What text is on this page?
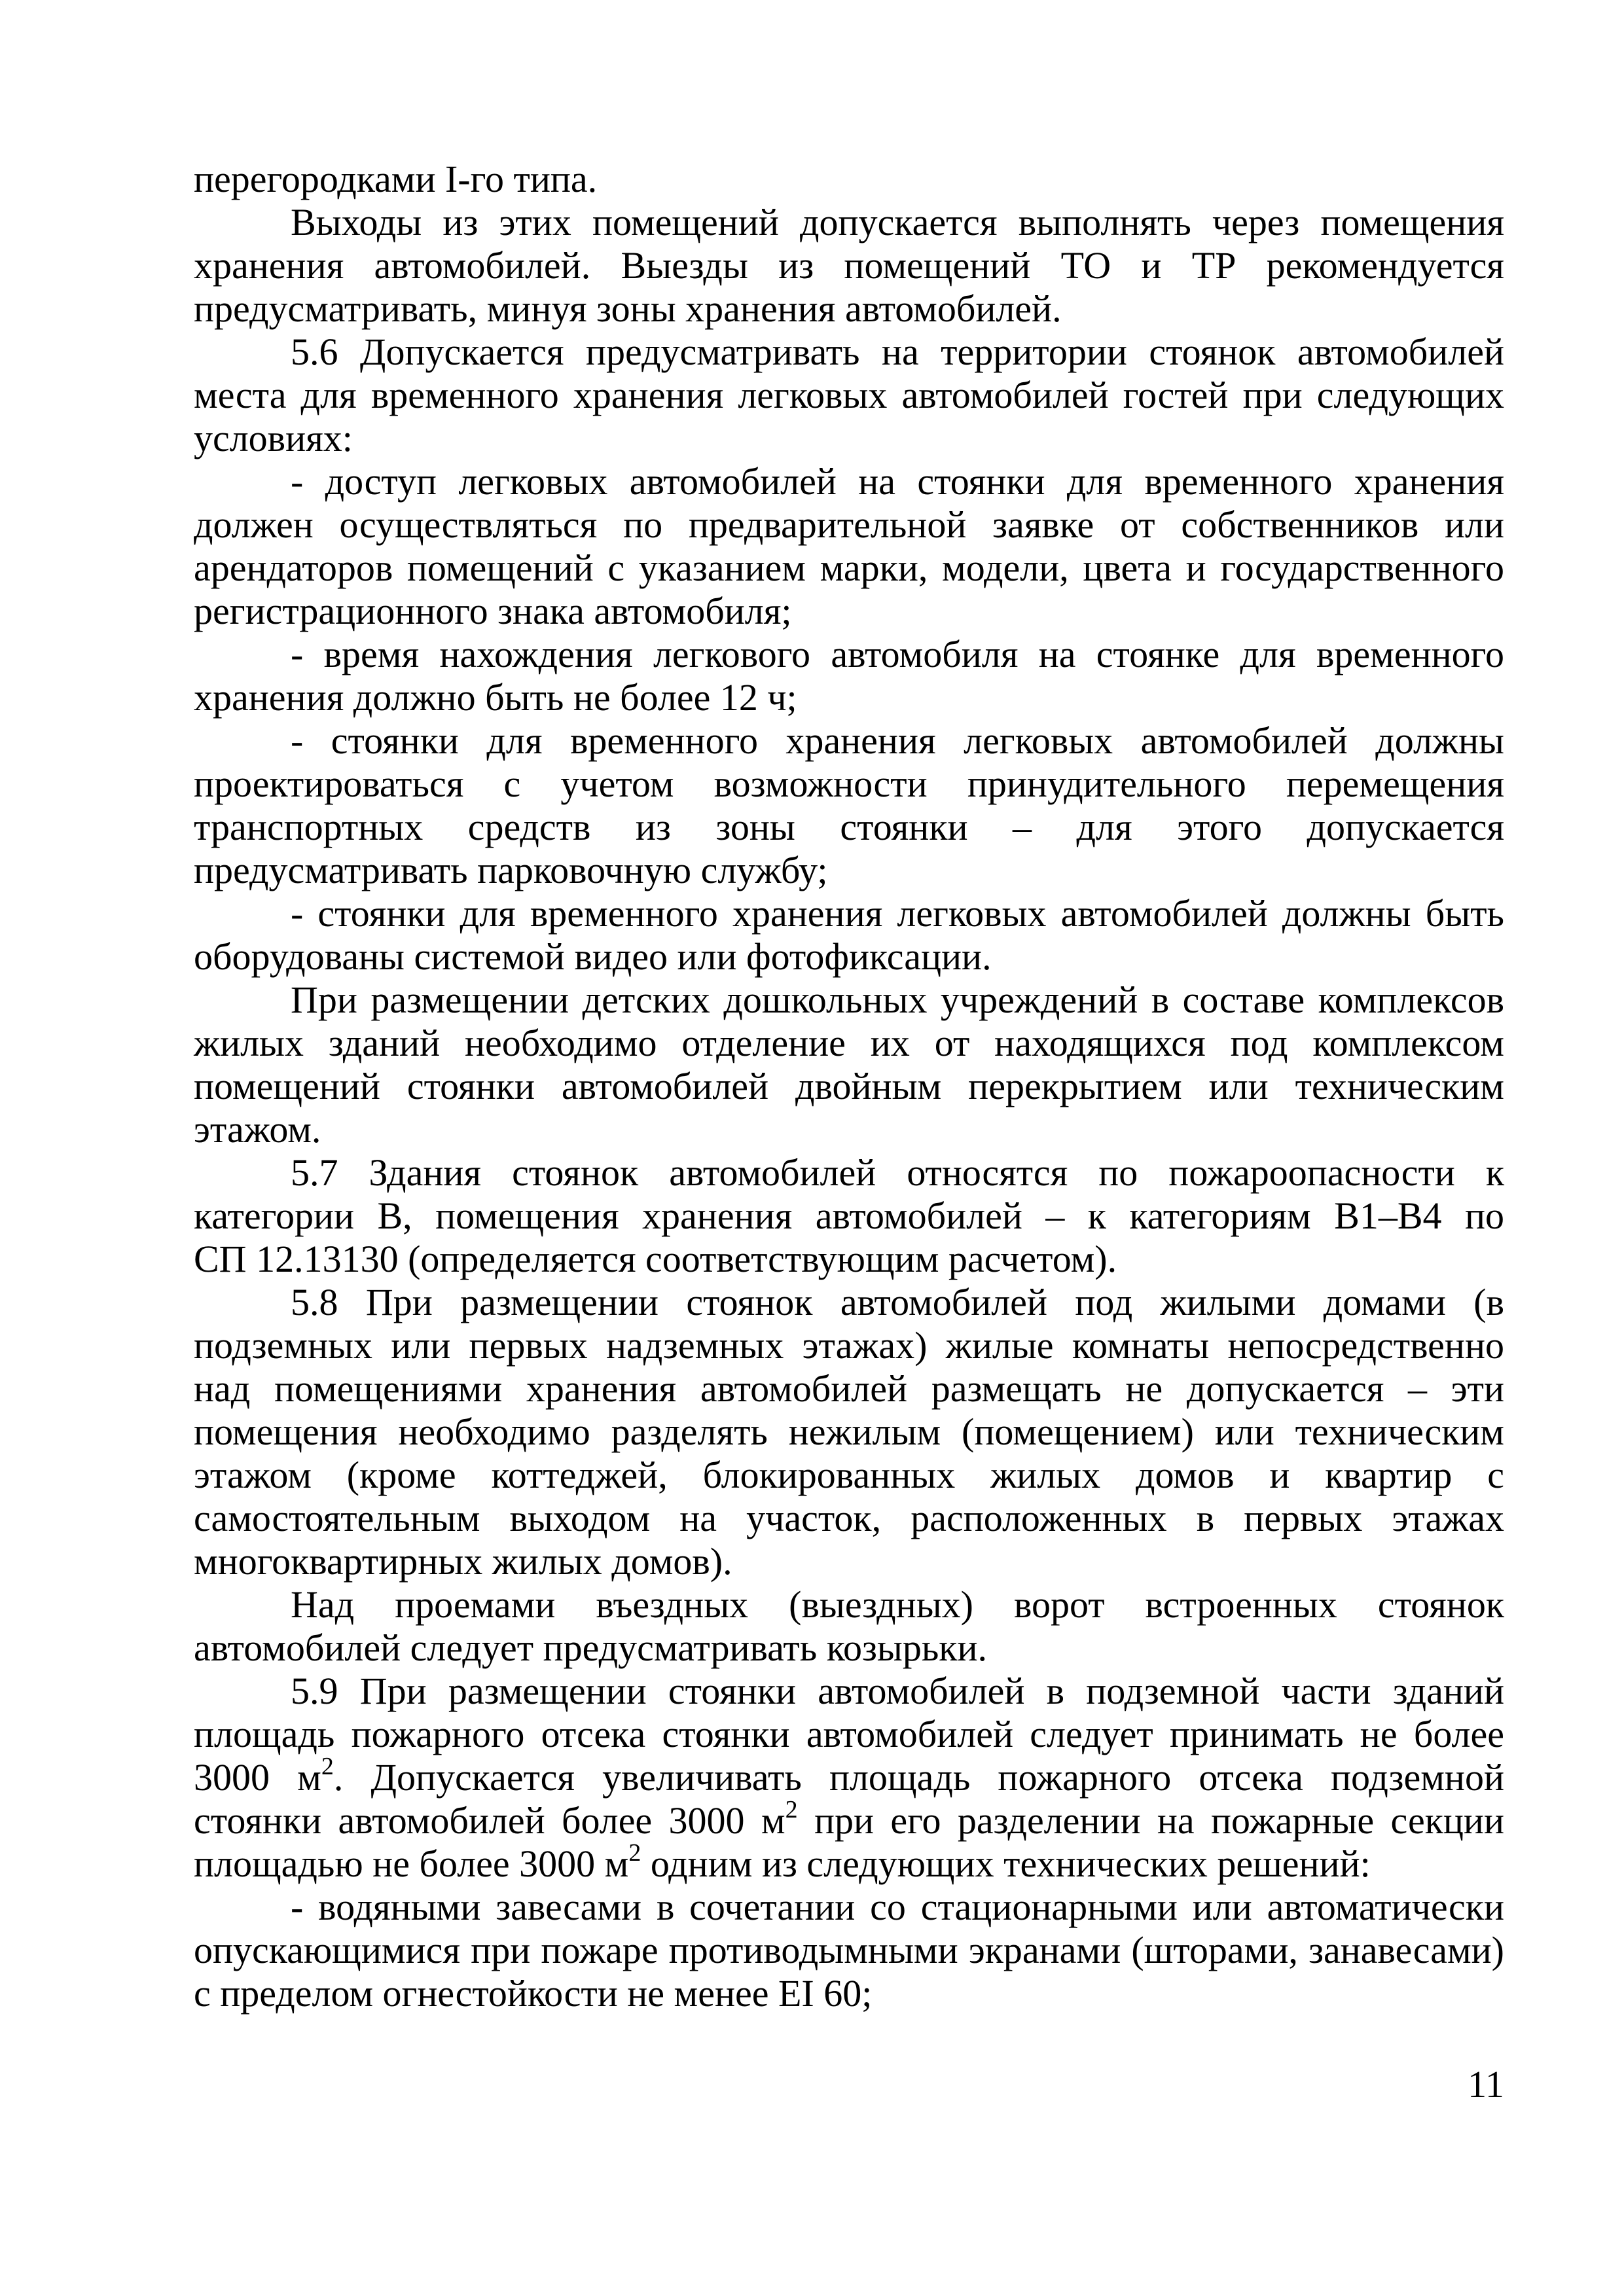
перегородками I-го типа.
Выходы из этих помещений допускается выполнять через помещения
хранения автомобилей. Выезды из помещений ТО и ТР рекомендуется
предусматривать, минуя зоны хранения автомобилей.
5.6 Допускается предусматривать на территории стоянок автомобилей
места для временного хранения легковых автомобилей гостей при следующих
условиях:
- доступ легковых автомобилей на стоянки для временного хранения
должен осуществляться по предварительной заявке от собственников или
арендаторов помещений с указанием марки, модели, цвета и государственного
регистрационного знака автомобиля;
- время нахождения легкового автомобиля на стоянке для временного
хранения должно быть не более 12 ч;
- стоянки для временного хранения легковых автомобилей должны
проектироваться с учетом возможности принудительного перемещения
транспортных средств из зоны стоянки – для этого допускается
предусматривать парковочную службу;
- стоянки для временного хранения легковых автомобилей должны быть
оборудованы системой видео или фотофиксации.
При размещении детских дошкольных учреждений в составе комплексов
жилых зданий необходимо отделение их от находящихся под комплексом
помещений стоянки автомобилей двойным перекрытием или техническим
этажом.
5.7 Здания стоянок автомобилей относятся по пожароопасности к
категории В, помещения хранения автомобилей – к категориям В1–В4 по
СП 12.13130 (определяется соответствующим расчетом).
5.8 При размещении стоянок автомобилей под жилыми домами (в
подземных или первых надземных этажах) жилые комнаты непосредственно
над помещениями хранения автомобилей размещать не допускается – эти
помещения необходимо разделять нежилым (помещением) или техническим
этажом (кроме коттеджей, блокированных жилых домов и квартир с
самостоятельным выходом на участок, расположенных в первых этажах
многоквартирных жилых домов).
Над проемами въездных (выездных) ворот встроенных стоянок
автомобилей следует предусматривать козырьки.
5.9 При размещении стоянки автомобилей в подземной части зданий
площадь пожарного отсека стоянки автомобилей следует принимать не более
3000 $м^2$. Допускается увеличивать площадь пожарного отсека подземной
стоянки автомобилей более 3000 $м^2$ при его разделении на пожарные секции
площадью не более 3000 $м^2$ одним из следующих технических решений:
- водяными завесами в сочетании со стационарными или автоматически
опускающимися при пожаре противодымными экранами (шторами, занавесами)
с пределом огнестойкости не менее EI 60;
11
